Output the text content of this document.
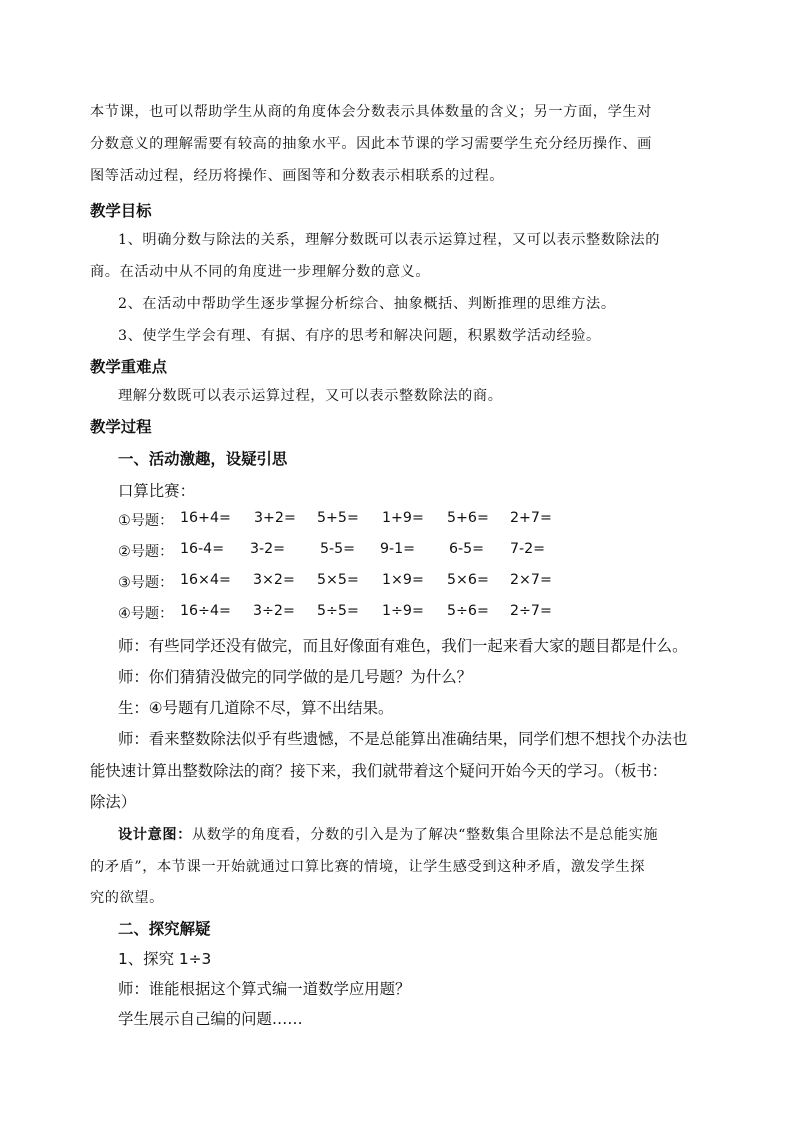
本节课，也可以帮助学生从商的角度体会分数表示具体数量的含义；另一方面，学生对

分数意义的理解需要有较高的抽象水平。因此本节课的学习需要学生充分经历操作、画

图等活动过程，经历将操作、画图等和分数表示相联系的过程。

教学目标

1、明确分数与除法的关系，理解分数既可以表示运算过程，又可以表示整数除法的

商。在活动中从不同的角度进一步理解分数的意义。

2、在活动中帮助学生逐步掌握分析综合、抽象概括、判断推理的思维方法。

3、使学生学会有理、有据、有序的思考和解决问题，积累数学活动经验。

教学重难点

理解分数既可以表示运算过程，又可以表示整数除法的商。

教学过程

一、活动激趣，设疑引思

口算比赛：

①号题： 16+4= 3+2= 5+5= 1+9= 5+6= 2+7=
②号题： 16-4= 3-2= 5-5= 9-1= 6-5= 7-2=
③号题： 16×4= 3×2= 5×5= 1×9= 5×6= 2×7=
④号题： 16÷4= 3÷2= 5÷5= 1÷9= 5÷6= 2÷7=

师：有些同学还没有做完，而且好像面有难色，我们一起来看大家的题目都是什么。

师：你们猜猜没做完的同学做的是几号题？为什么？

生：④号题有几道除不尽，算不出结果。

师：看来整数除法似乎有些遗憾，不是总能算出准确结果，同学们想不想找个办法也

能快速计算出整数除法的商？接下来，我们就带着这个疑问开始今天的学习。（板书：

除法）

设计意图：从数学的角度看，分数的引入是为了解决“整数集合里除法不是总能实施

的矛盾”，本节课一开始就通过口算比赛的情境，让学生感受到这种矛盾，激发学生探

究的欲望。

二、探究解疑

1、探究 1÷3

师：谁能根据这个算式编一道数学应用题？

学生展示自己编的问题……
